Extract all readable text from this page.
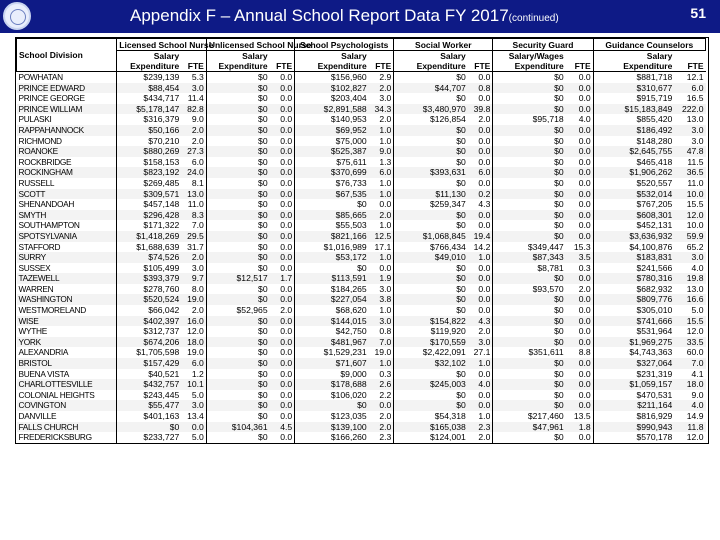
Appendix F – Annual School Report Data FY 2017(continued)	51
School Division	Licensed School Nurse		Unlicensed School Nurse		School Psychologists		Social Worker		Security Guard		Guidance Counselors	
	Salary		Salary		Salary		Salary		Salary/Wages		Salary	
	Expenditure	FTE	Expenditure	FTE	Expenditure	FTE	Expenditure	FTE	Expenditure	FTE	Expenditure	FTE
POWHATAN	$239,139	5.3	$0	0.0	$156,960	2.9	$0	0.0	$0	0.0	$881,718	12.1
PRINCE EDWARD	$88,454	3.0	$0	0.0	$102,827	2.0	$44,707	0.8	$0	0.0	$310,677	6.0
PRINCE GEORGE	$434,717	11.4	$0	0.0	$203,404	3.0	$0	0.0	$0	0.0	$915,719	16.5
PRINCE WILLIAM	$5,178,147	82.8	$0	0.0	$2,891,588	34.3	$3,480,970	39.8	$0	0.0	$15,183,849	222.0
PULASKI	$316,379	9.0	$0	0.0	$140,953	2.0	$126,854	2.0	$95,718	4.0	$855,420	13.0
RAPPAHANNOCK	$50,166	2.0	$0	0.0	$69,952	1.0	$0	0.0	$0	0.0	$186,492	3.0
RICHMOND	$70,210	2.0	$0	0.0	$75,000	1.0	$0	0.0	$0	0.0	$148,280	3.0
ROANOKE	$880,269	27.3	$0	0.0	$525,387	9.0	$0	0.0	$0	0.0	$2,645,755	47.8
ROCKBRIDGE	$158,153	6.0	$0	0.0	$75,611	1.3	$0	0.0	$0	0.0	$465,418	11.5
ROCKINGHAM	$823,192	24.0	$0	0.0	$370,699	6.0	$393,631	6.0	$0	0.0	$1,906,262	36.5
RUSSELL	$269,485	8.1	$0	0.0	$76,733	1.0	$0	0.0	$0	0.0	$520,557	11.0
SCOTT	$309,571	13.0	$0	0.0	$67,535	1.0	$11,130	0.2	$0	0.0	$532,014	10.0
SHENANDOAH	$457,148	11.0	$0	0.0	$0	0.0	$259,347	4.3	$0	0.0	$767,205	15.5
SMYTH	$296,428	8.3	$0	0.0	$85,665	2.0	$0	0.0	$0	0.0	$608,301	12.0
SOUTHAMPTON	$171,322	7.0	$0	0.0	$55,503	1.0	$0	0.0	$0	0.0	$452,131	10.0
SPOTSYLVANIA	$1,418,269	29.5	$0	0.0	$821,166	12.5	$1,068,845	19.4	$0	0.0	$3,636,932	59.9
STAFFORD	$1,688,639	31.7	$0	0.0	$1,016,989	17.1	$766,434	14.2	$349,447	15.3	$4,100,876	65.2
SURRY	$74,526	2.0	$0	0.0	$53,172	1.0	$49,010	1.0	$87,343	3.5	$183,831	3.0
SUSSEX	$105,499	3.0	$0	0.0	$0	0.0	$0	0.0	$8,781	0.3	$241,566	4.0
TAZEWELL	$393,379	9.7	$12,517	1.7	$113,591	1.9	$0	0.0	$0	0.0	$780,316	19.8
WARREN	$278,760	8.0	$0	0.0	$184,265	3.0	$0	0.0	$93,570	2.0	$682,932	13.0
WASHINGTON	$520,524	19.0	$0	0.0	$227,054	3.8	$0	0.0	$0	0.0	$809,776	16.6
WESTMORELAND	$66,042	2.0	$52,965	2.0	$68,620	1.0	$0	0.0	$0	0.0	$305,010	5.0
WISE	$402,397	16.0	$0	0.0	$144,015	3.0	$154,822	4.3	$0	0.0	$741,666	15.5
WYTHE	$312,737	12.0	$0	0.0	$42,750	0.8	$119,920	2.0	$0	0.0	$531,964	12.0
YORK	$674,206	18.0	$0	0.0	$481,967	7.0	$170,559	3.0	$0	0.0	$1,969,275	33.5
ALEXANDRIA	$1,705,598	19.0	$0	0.0	$1,529,231	19.0	$2,422,091	27.1	$351,611	8.8	$4,743,363	60.0
BRISTOL	$157,429	6.0	$0	0.0	$71,607	1.0	$32,102	1.0	$0	0.0	$327,064	7.0
BUENA VISTA	$40,521	1.2	$0	0.0	$9,000	0.3	$0	0.0	$0	0.0	$231,319	4.1
CHARLOTTESVILLE	$432,757	10.1	$0	0.0	$178,688	2.6	$245,003	4.0	$0	0.0	$1,059,157	18.0
COLONIAL HEIGHTS	$243,445	5.0	$0	0.0	$106,020	2.2	$0	0.0	$0	0.0	$470,531	9.0
COVINGTON	$55,477	3.0	$0	0.0	$0	0.0	$0	0.0	$0	0.0	$211,164	4.0
DANVILLE	$401,163	13.4	$0	0.0	$123,035	2.0	$54,318	1.0	$217,460	13.5	$816,929	14.9
FALLS CHURCH	$0	0.0	$104,361	4.5	$139,100	2.0	$165,038	2.3	$47,961	1.8	$990,943	11.8
FREDERICKSBURG	$233,727	5.0	$0	0.0	$166,260	2.3	$124,001	2.0	$0	0.0	$570,178	12.0
